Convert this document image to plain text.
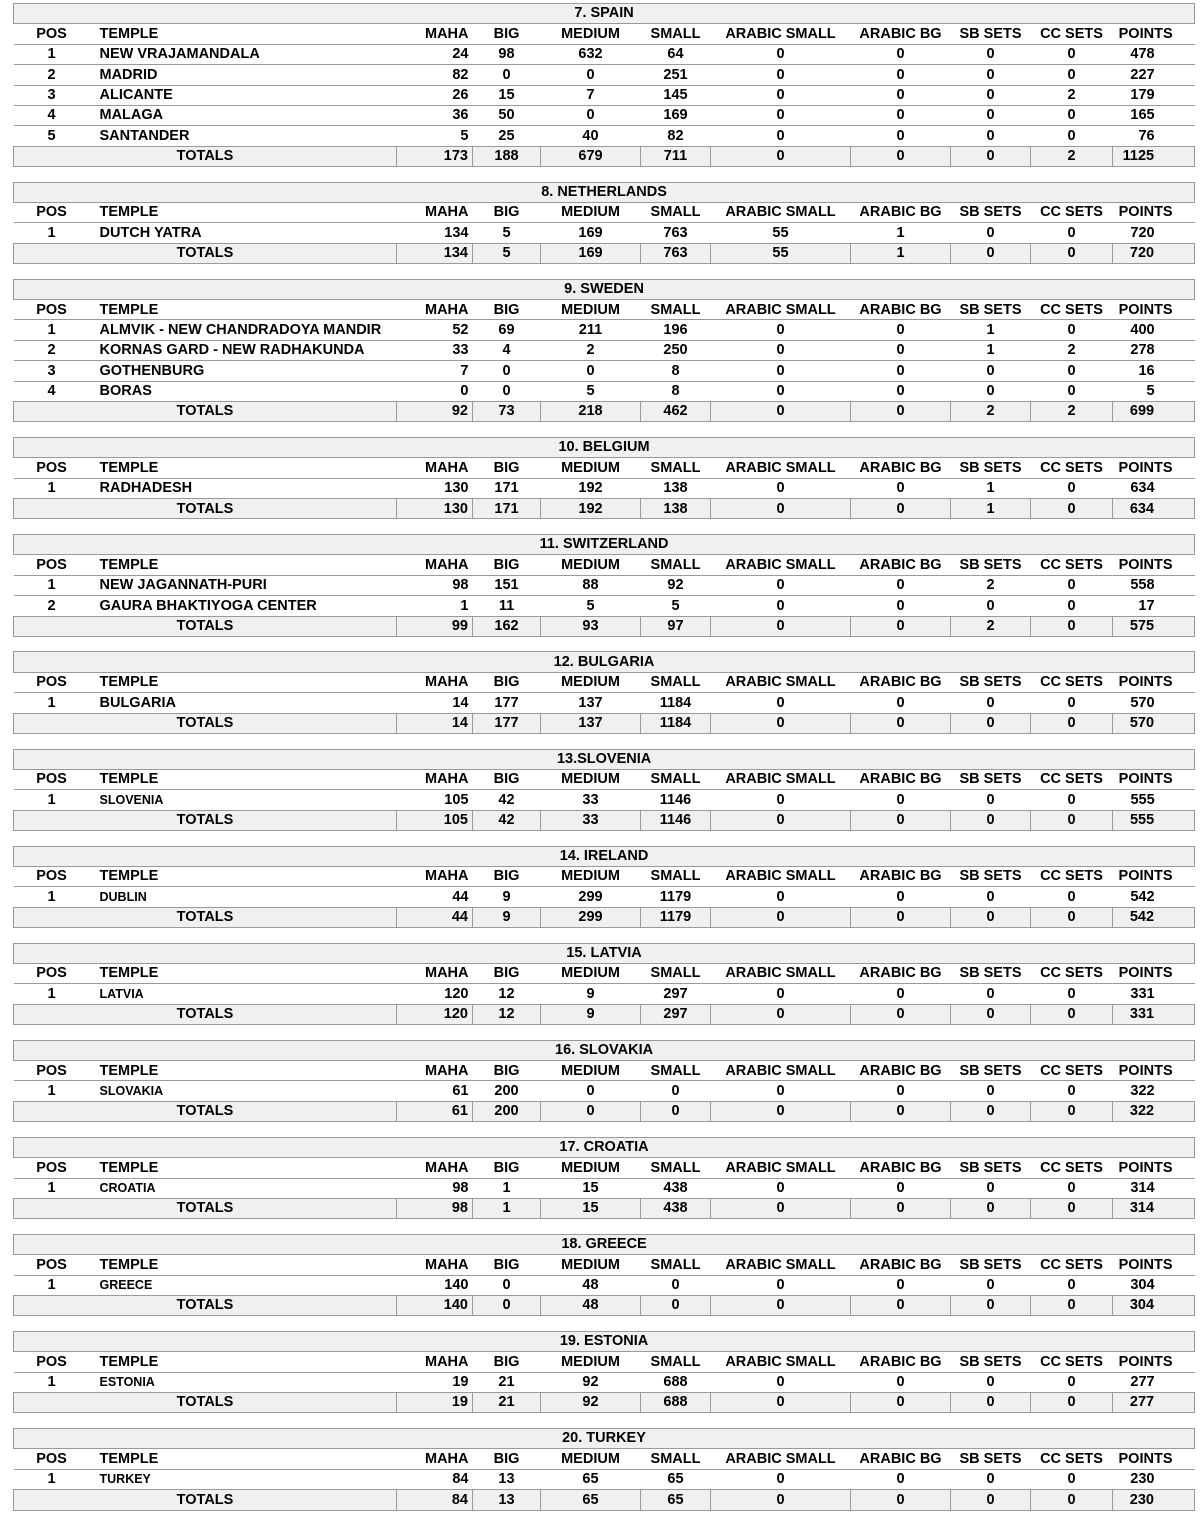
7. SPAIN										
POS	TEMPLE	MAHA	BIG	MEDIUM	SMALL	ARABIC SMALL	ARABIC BG	SB SETS	CC SETS	POINTS
1	NEW VRAJAMANDALA	24	98	632	64	0	0	0	0	478
2	MADRID	82	0	0	251	0	0	0	0	227
3	ALICANTE	26	15	7	145	0	0	0	2	179
4	MALAGA	36	50	0	169	0	0	0	0	165
5	SANTANDER	5	25	40	82	0	0	0	0	76
TOTALS		173	188	679	711	0	0	0	2	1125
8. NETHERLANDS										
POS	TEMPLE	MAHA	BIG	MEDIUM	SMALL	ARABIC SMALL	ARABIC BG	SB SETS	CC SETS	POINTS
1	DUTCH YATRA	134	5	169	763	55	1	0	0	720
TOTALS		134	5	169	763	55	1	0	0	720
9. SWEDEN										
POS	TEMPLE	MAHA	BIG	MEDIUM	SMALL	ARABIC SMALL	ARABIC BG	SB SETS	CC SETS	POINTS
1	ALMVIK - NEW CHANDRADOYA MANDIR	52	69	211	196	0	0	1	0	400
2	KORNAS GARD - NEW RADHAKUNDA	33	4	2	250	0	0	1	2	278
3	GOTHENBURG	7	0	0	8	0	0	0	0	16
4	BORAS	0	0	5	8	0	0	0	0	5
TOTALS		92	73	218	462	0	0	2	2	699
10. BELGIUM										
POS	TEMPLE	MAHA	BIG	MEDIUM	SMALL	ARABIC SMALL	ARABIC BG	SB SETS	CC SETS	POINTS
1	RADHADESH	130	171	192	138	0	0	1	0	634
TOTALS		130	171	192	138	0	0	1	0	634
11. SWITZERLAND										
POS	TEMPLE	MAHA	BIG	MEDIUM	SMALL	ARABIC SMALL	ARABIC BG	SB SETS	CC SETS	POINTS
1	NEW JAGANNATH-PURI	98	151	88	92	0	0	2	0	558
2	GAURA BHAKTIYOGA CENTER	1	11	5	5	0	0	0	0	17
TOTALS		99	162	93	97	0	0	2	0	575
12. BULGARIA										
POS	TEMPLE	MAHA	BIG	MEDIUM	SMALL	ARABIC SMALL	ARABIC BG	SB SETS	CC SETS	POINTS
1	BULGARIA	14	177	137	1184	0	0	0	0	570
TOTALS		14	177	137	1184	0	0	0	0	570
13.SLOVENIA										
POS	TEMPLE	MAHA	BIG	MEDIUM	SMALL	ARABIC SMALL	ARABIC BG	SB SETS	CC SETS	POINTS
1	SLOVENIA	105	42	33	1146	0	0	0	0	555
TOTALS		105	42	33	1146	0	0	0	0	555
14. IRELAND										
POS	TEMPLE	MAHA	BIG	MEDIUM	SMALL	ARABIC SMALL	ARABIC BG	SB SETS	CC SETS	POINTS
1	DUBLIN	44	9	299	1179	0	0	0	0	542
TOTALS		44	9	299	1179	0	0	0	0	542
15. LATVIA										
POS	TEMPLE	MAHA	BIG	MEDIUM	SMALL	ARABIC SMALL	ARABIC BG	SB SETS	CC SETS	POINTS
1	LATVIA	120	12	9	297	0	0	0	0	331
TOTALS		120	12	9	297	0	0	0	0	331
16. SLOVAKIA										
POS	TEMPLE	MAHA	BIG	MEDIUM	SMALL	ARABIC SMALL	ARABIC BG	SB SETS	CC SETS	POINTS
1	SLOVAKIA	61	200	0	0	0	0	0	0	322
TOTALS		61	200	0	0	0	0	0	0	322
17. CROATIA										
POS	TEMPLE	MAHA	BIG	MEDIUM	SMALL	ARABIC SMALL	ARABIC BG	SB SETS	CC SETS	POINTS
1	CROATIA	98	1	15	438	0	0	0	0	314
TOTALS		98	1	15	438	0	0	0	0	314
18. GREECE										
POS	TEMPLE	MAHA	BIG	MEDIUM	SMALL	ARABIC SMALL	ARABIC BG	SB SETS	CC SETS	POINTS
1	GREECE	140	0	48	0	0	0	0	0	304
TOTALS		140	0	48	0	0	0	0	0	304
19. ESTONIA										
POS	TEMPLE	MAHA	BIG	MEDIUM	SMALL	ARABIC SMALL	ARABIC BG	SB SETS	CC SETS	POINTS
1	ESTONIA	19	21	92	688	0	0	0	0	277
TOTALS		19	21	92	688	0	0	0	0	277
20. TURKEY										
POS	TEMPLE	MAHA	BIG	MEDIUM	SMALL	ARABIC SMALL	ARABIC BG	SB SETS	CC SETS	POINTS
1	TURKEY	84	13	65	65	0	0	0	0	230
TOTALS		84	13	65	65	0	0	0	0	230
